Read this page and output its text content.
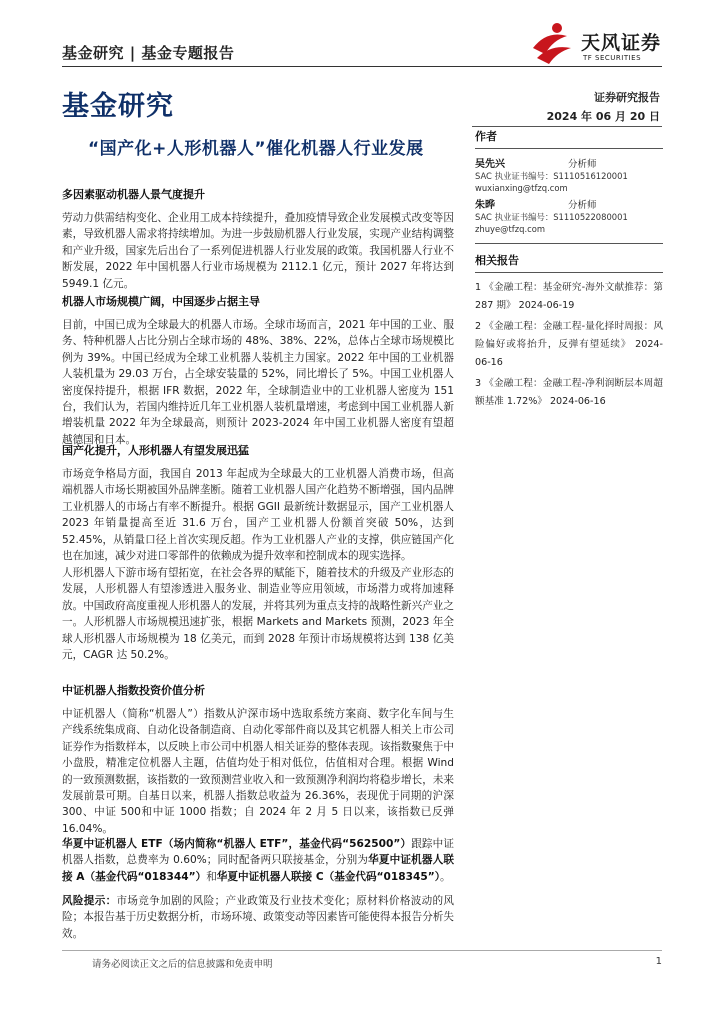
基金研究 | 基金专题报告	天风证券
TF SECURITIES
基金研究	证券研究报告
2024 年 06 月 20 日
“国产化+人形机器人”催化机器人行业发展
多因素驱动机器人景气度提升
劳动力供需结构变化、企业用工成本持续提升，叠加疫情导致企业发展模式改变等因素，导致机器人需求将持续增加。为进一步鼓励机器人行业发展，实现产业结构调整和产业升级，国家先后出台了一系列促进机器人行业发展的政策。我国机器人行业不断发展，2022 年中国机器人行业市场规模为 2112.1 亿元，预计 2027 年将达到 5949.1 亿元。
机器人市场规模广阔，中国逐步占据主导
目前，中国已成为全球最大的机器人市场。全球市场而言，2021 年中国的工业、服务、特种机器人占比分别占全球市场的 48%、38%、22%，总体占全球市场规模比例为 39%。中国已经成为全球工业机器人装机主力国家。2022 年中国的工业机器人装机量为 29.03 万台，占全球安装量的 52%，同比增长了 5%。中国工业机器人密度保持提升，根据 IFR 数据，2022 年，全球制造业中的工业机器人密度为 151 台，我们认为，若国内维持近几年工业机器人装机量增速，考虑到中国工业机器人新增装机量 2022 年为全球最高，则预计 2023-2024 年中国工业机器人密度有望超越德国和日本。
国产化提升，人形机器人有望发展迅猛
市场竞争格局方面，我国自 2013 年起成为全球最大的工业机器人消费市场，但高端机器人市场长期被国外品牌垄断。随着工业机器人国产化趋势不断增强，国内品牌工业机器人的市场占有率不断提升。根据 GGII 最新统计数据显示，国产工业机器人 2023 年销量提高至近 31.6 万台，国产工业机器人份额首突破 50%，达到 52.45%，从销量口径上首次实现反超。作为工业机器人产业的支撑，供应链国产化也在加速，减少对进口零部件的依赖成为提升效率和控制成本的现实选择。
人形机器人下游市场有望拓宽，在社会各界的赋能下，随着技术的升级及产业形态的发展，人形机器人有望渗透进入服务业、制造业等应用领域，市场潜力或将加速释放。中国政府高度重视人形机器人的发展，并将其列为重点支持的战略性新兴产业之一。人形机器人市场规模迅速扩张，根据 Markets and Markets 预测，2023 年全球人形机器人市场规模为 18 亿美元，而到 2028 年预计市场规模将达到 138 亿美元，CAGR 达 50.2%。
中证机器人指数投资价值分析
中证机器人（简称“机器人”）指数从沪深市场中选取系统方案商、数字化车间与生产线系统集成商、自动化设备制造商、自动化零部件商以及其它机器人相关上市公司证券作为指数样本，以反映上市公司中机器人相关证券的整体表现。该指数聚焦于中小盘股，精准定位机器人主题，估值均处于相对低位，估值相对合理。根据 Wind 的一致预测数据，该指数的一致预测营业收入和一致预测净利润均将稳步增长，未来发展前景可期。自基日以来，机器人指数总收益为 26.36%，表现优于同期的沪深 300、中证 500和中证 1000 指数；自 2024 年 2 月 5 日以来，该指数已反弹 16.04%。
华夏中证机器人 ETF（场内简称“机器人 ETF”，基金代码“562500”）跟踪中证机器人指数，总费率为 0.60%；同时配备两只联接基金，分别为华夏中证机器人联接 A（基金代码“018344”）和华夏中证机器人联接 C（基金代码“018345”）。
风险提示：市场竞争加剧的风险；产业政策及行业技术变化；原材料价格波动的风险；本报告基于历史数据分析，市场环境、政策变动等因素皆可能使得本报告分析失效。
作者
吴先兴	分析师
SAC 执业证书编号：S1110516120001
wuxianxing@tfzq.com
朱晔	分析师
SAC 执业证书编号：S1110522080001
zhuye@tfzq.com
相关报告
1 《金融工程：基金研究-海外文献推荐：第 287 期》 2024-06-19
2 《金融工程：金融工程-量化择时周报：风险偏好或将抬升，反弹有望延续》 2024-06-16
3 《金融工程：金融工程-净利润断层本周超额基准 1.72%》 2024-06-16
请务必阅读正文之后的信息披露和免责申明	1
